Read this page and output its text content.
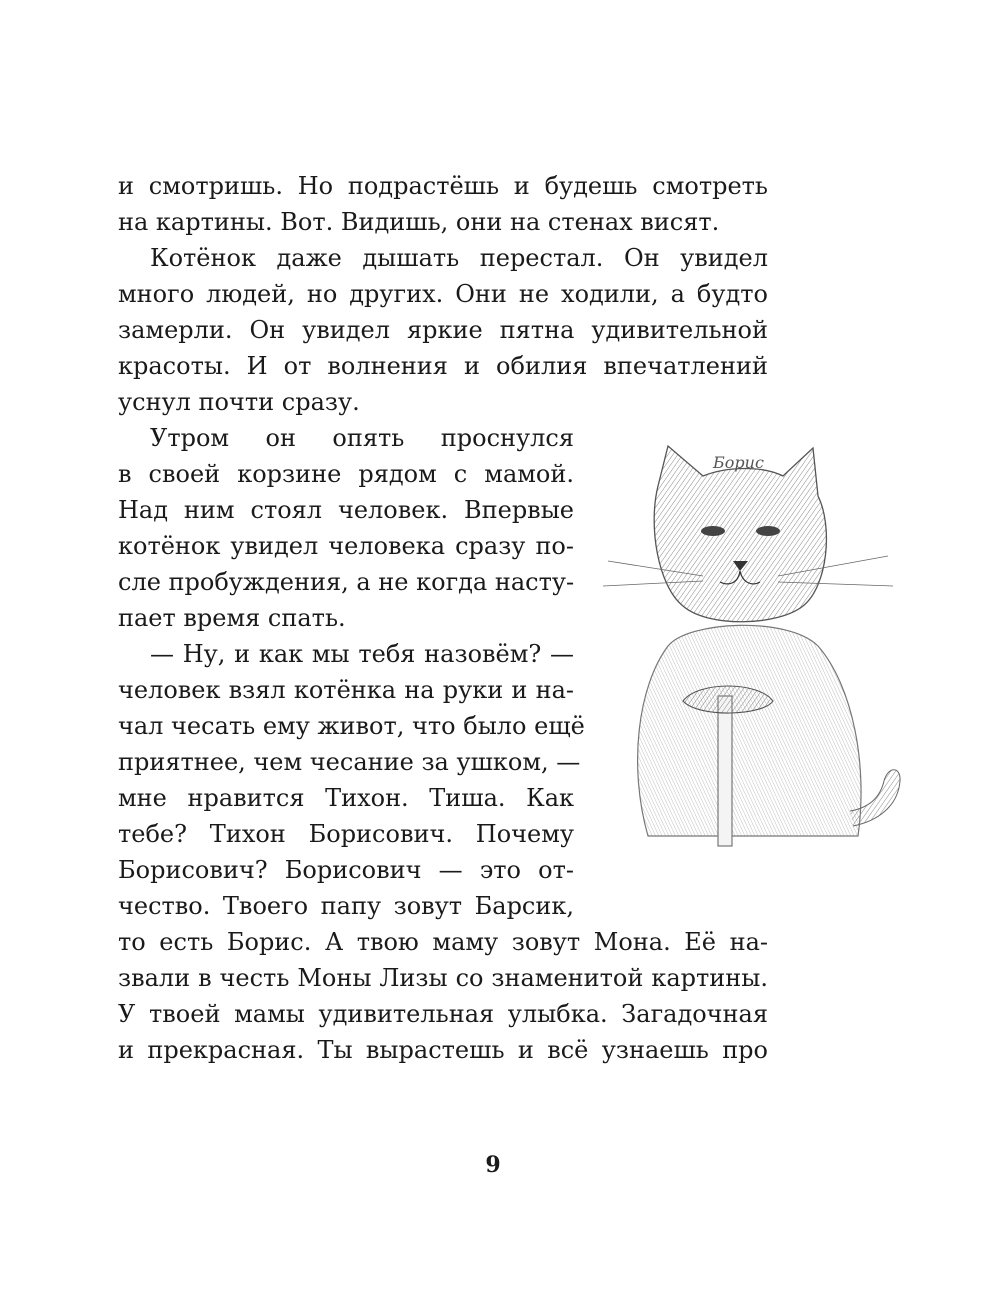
и смотришь. Но подрастёшь и будешь смотреть
на картины. Вот. Видишь, они на стенах висят.
Котёнок даже дышать перестал. Он увидел
много людей, но других. Они не ходили, а будто
замерли. Он увидел яркие пятна удивительной
красоты. И от волнения и обилия впечатлений
уснул почти сразу.
Утром он опять проснулся
в своей корзине рядом с мамой.
Над ним стоял человек. Впервые
котёнок увидел человека сразу по-
сле пробуждения, а не когда насту-
пает время спать.
— Ну, и как мы тебя назовём? —
человек взял котёнка на руки и на-
чал чесать ему живот, что было ещё
приятнее, чем чесание за ушком, —
мне нравится Тихон. Тиша. Как
тебе? Тихон Борисович. Почему
Борисович? Борисович — это от-
чество. Твоего папу зовут Барсик,
то есть Борис. А твою маму зовут Мона. Её на-
звали в честь Моны Лизы со знаменитой картины.
У твоей мамы удивительная улыбка. Загадочная
и прекрасная. Ты вырастешь и всё узнаешь про
Борис
9
